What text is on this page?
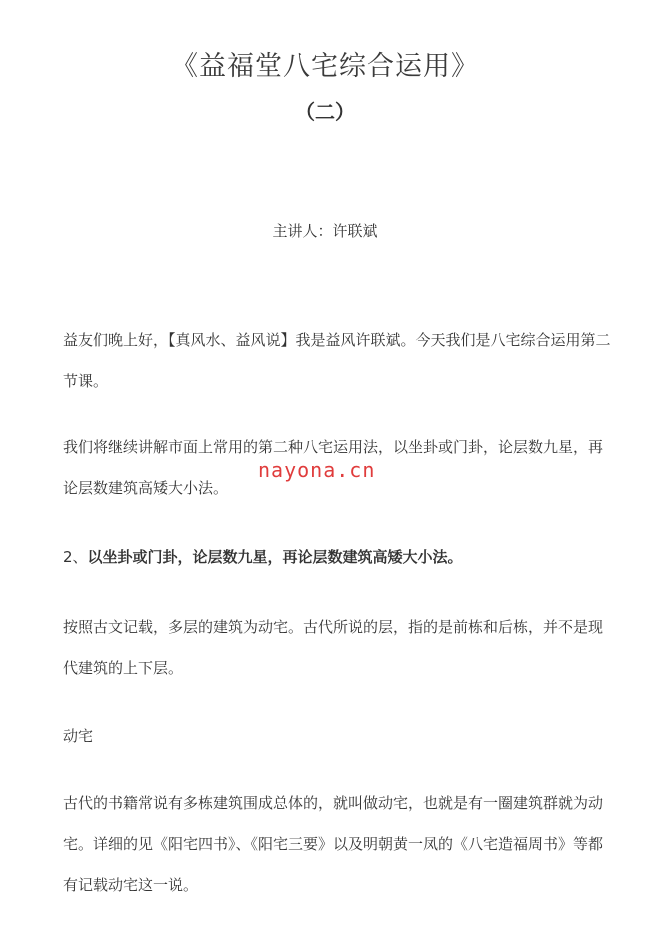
《益福堂八宅综合运用》
（二）
主讲人：许联斌

益友们晚上好，【真风水、益风说】我是益风许联斌。今天我们是八宅综合运用第二节课。

我们将继续讲解市面上常用的第二种八宅运用法，以坐卦或门卦，论层数九星，再论层数建筑高矮大小法。

2、以坐卦或门卦，论层数九星，再论层数建筑高矮大小法。

按照古文记载，多层的建筑为动宅。古代所说的层，指的是前栋和后栋，并不是现代建筑的上下层。

动宅

古代的书籍常说有多栋建筑围成总体的，就叫做动宅，也就是有一圈建筑群就为动宅。详细的见《阳宅四书》、《阳宅三要》以及明朝黄一凤的《八宅造福周书》等都有记载动宅这一说。

nayona.cn
